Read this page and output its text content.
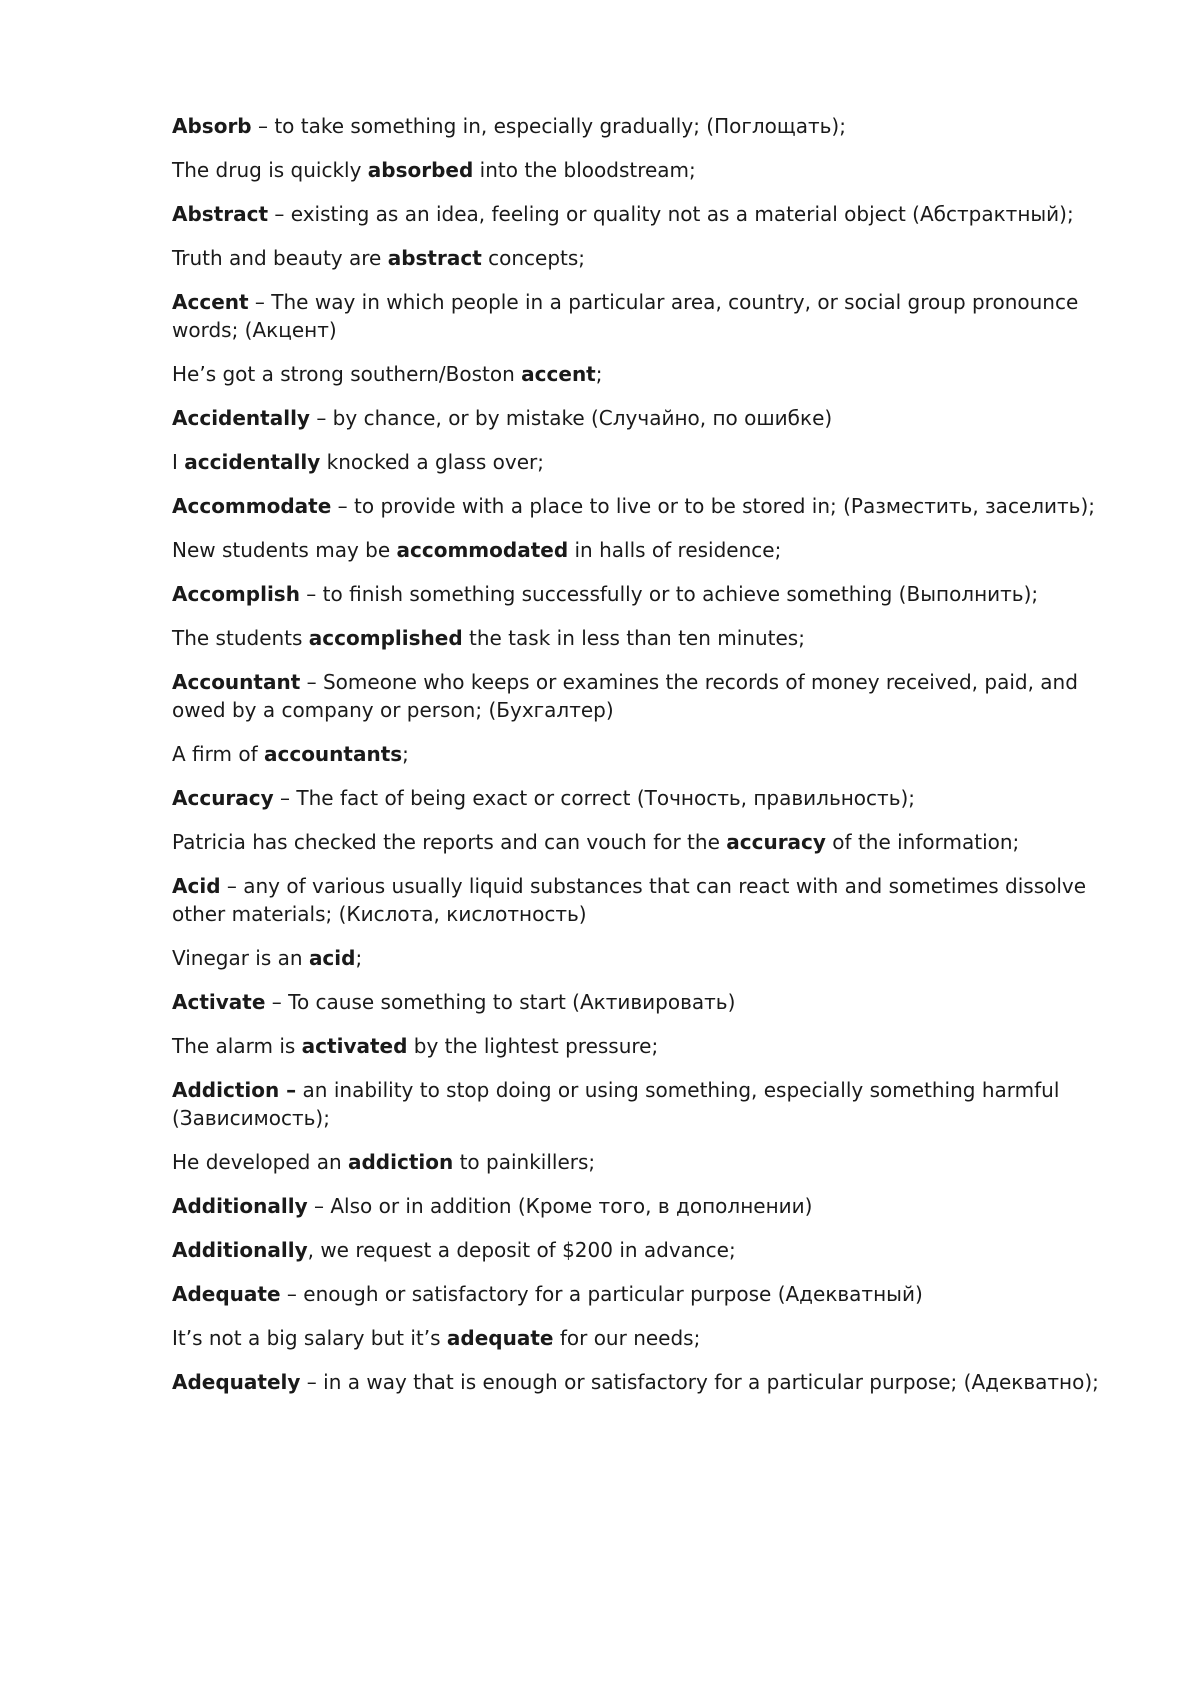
Absorb – to take something in, especially gradually; (Поглощать);

The drug is quickly absorbed into the bloodstream;

Abstract – existing as an idea, feeling or quality not as a material object (Абстрактный);

Truth and beauty are abstract concepts;

Accent – The way in which people in a particular area, country, or social group pronounce words; (Акцент)

He’s got a strong southern/Boston accent;

Accidentally – by chance, or by mistake (Случайно, по ошибке)

I accidentally knocked a glass over;

Accommodate – to provide with a place to live or to be stored in; (Разместить, заселить);

New students may be accommodated in halls of residence;

Accomplish – to finish something successfully or to achieve something (Выполнить);

The students accomplished the task in less than ten minutes;

Accountant – Someone who keeps or examines the records of money received, paid, and owed by a company or person; (Бухгалтер)

A firm of accountants;

Accuracy – The fact of being exact or correct (Точность, правильность);

Patricia has checked the reports and can vouch for the accuracy of the information;

Acid – any of various usually liquid substances that can react with and sometimes dissolve other materials; (Кислота, кислотность)

Vinegar is an acid;

Activate – To cause something to start (Активировать)

The alarm is activated by the lightest pressure;

Addiction – an inability to stop doing or using something, especially something harmful (Зависимость);

He developed an addiction to painkillers;

Additionally – Also or in addition (Кроме того, в дополнении)

Additionally, we request a deposit of $200 in advance;

Adequate – enough or satisfactory for a particular purpose (Адекватный)

It’s not a big salary but it’s adequate for our needs;

Adequately – in a way that is enough or satisfactory for a particular purpose; (Адекватно);
